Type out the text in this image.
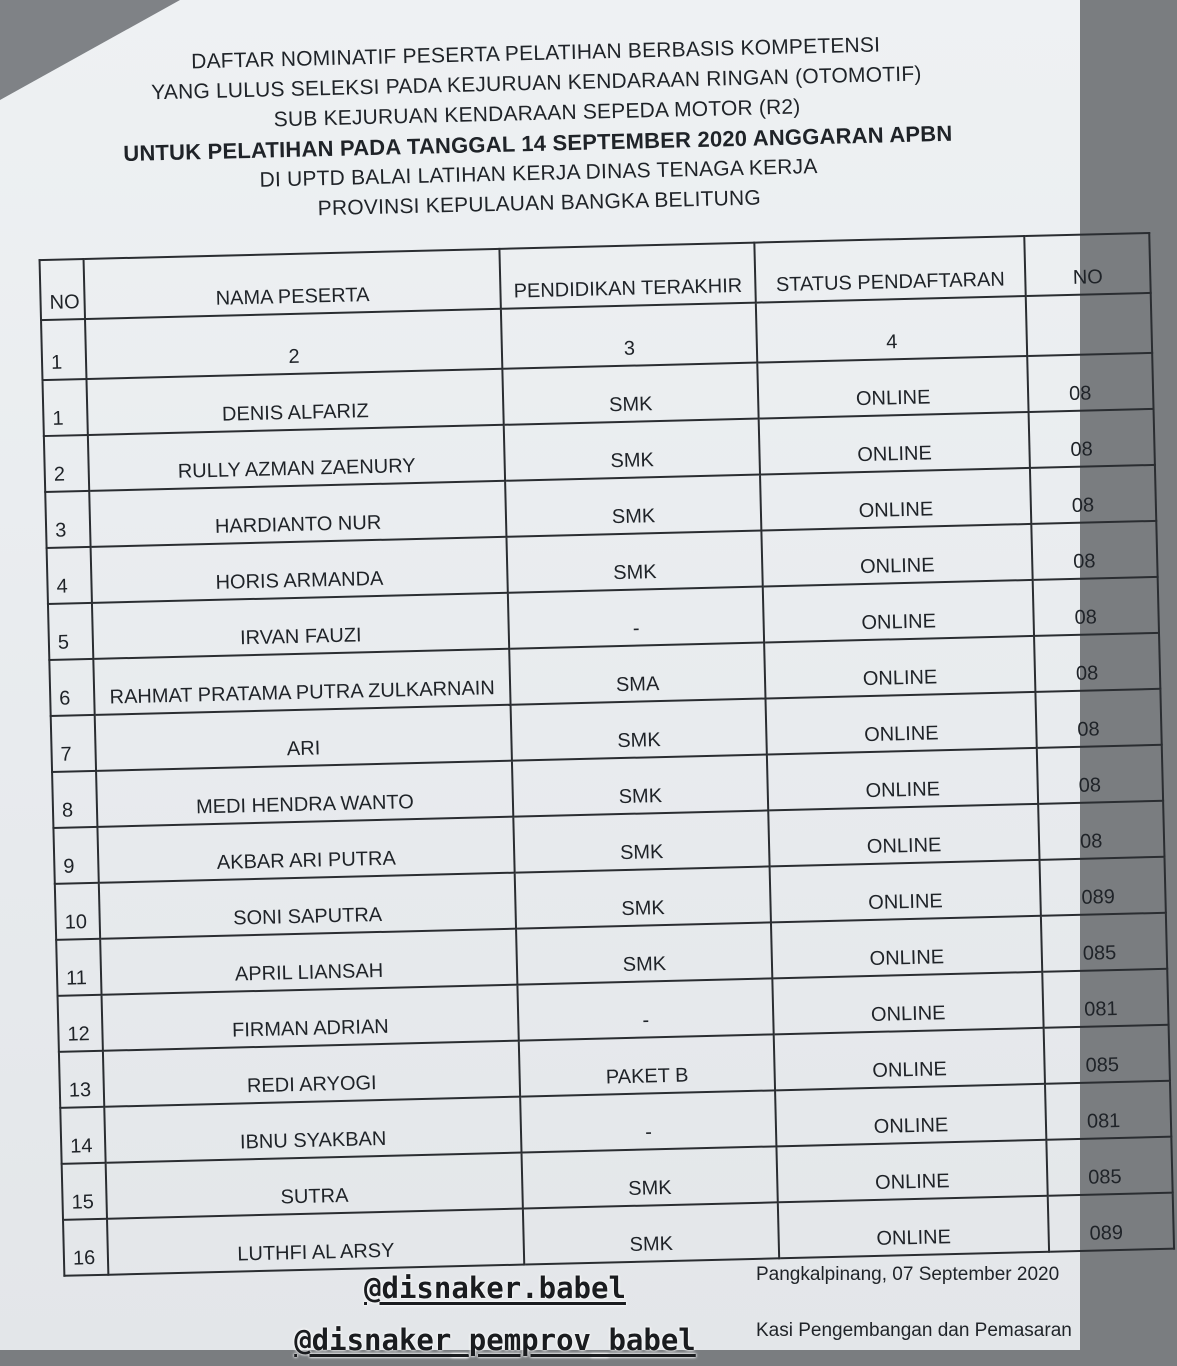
DAFTAR NOMINATIF PESERTA PELATIHAN BERBASIS KOMPETENSI
YANG LULUS SELEKSI PADA KEJURUAN KENDARAAN RINGAN (OTOMOTIF)
SUB KEJURUAN KENDARAAN SEPEDA MOTOR (R2)
UNTUK PELATIHAN PADA TANGGAL 14 SEPTEMBER 2020 ANGGARAN APBN
DI UPTD BALAI LATIHAN KERJA DINAS TENAGA KERJA
PROVINSI KEPULAUAN BANGKA BELITUNG
NO	NAMA PESERTA	PENDIDIKAN TERAKHIR	STATUS PENDAFTARAN	NO
1	2	3	4	
1	DENIS ALFARIZ	SMK	ONLINE	08
2	RULLY AZMAN ZAENURY	SMK	ONLINE	08
3	HARDIANTO NUR	SMK	ONLINE	08
4	HORIS ARMANDA	SMK	ONLINE	08
5	IRVAN FAUZI	-	ONLINE	08
6	RAHMAT PRATAMA PUTRA ZULKARNAIN	SMA	ONLINE	08
7	ARI	SMK	ONLINE	08
8	MEDI HENDRA WANTO	SMK	ONLINE	08
9	AKBAR ARI PUTRA	SMK	ONLINE	08
10	SONI SAPUTRA	SMK	ONLINE	089
11	APRIL LIANSAH	SMK	ONLINE	085
12	FIRMAN ADRIAN	-	ONLINE	081
13	REDI ARYOGI	PAKET B	ONLINE	085
14	IBNU SYAKBAN	-	ONLINE	081
15	SUTRA	SMK	ONLINE	085
16	LUTHFI AL ARSY	SMK	ONLINE	089
@disnaker.babel
@disnaker_pemprov_babel
Pangkalpinang, 07 September 2020
Kasi Pengembangan dan Pemasaran
